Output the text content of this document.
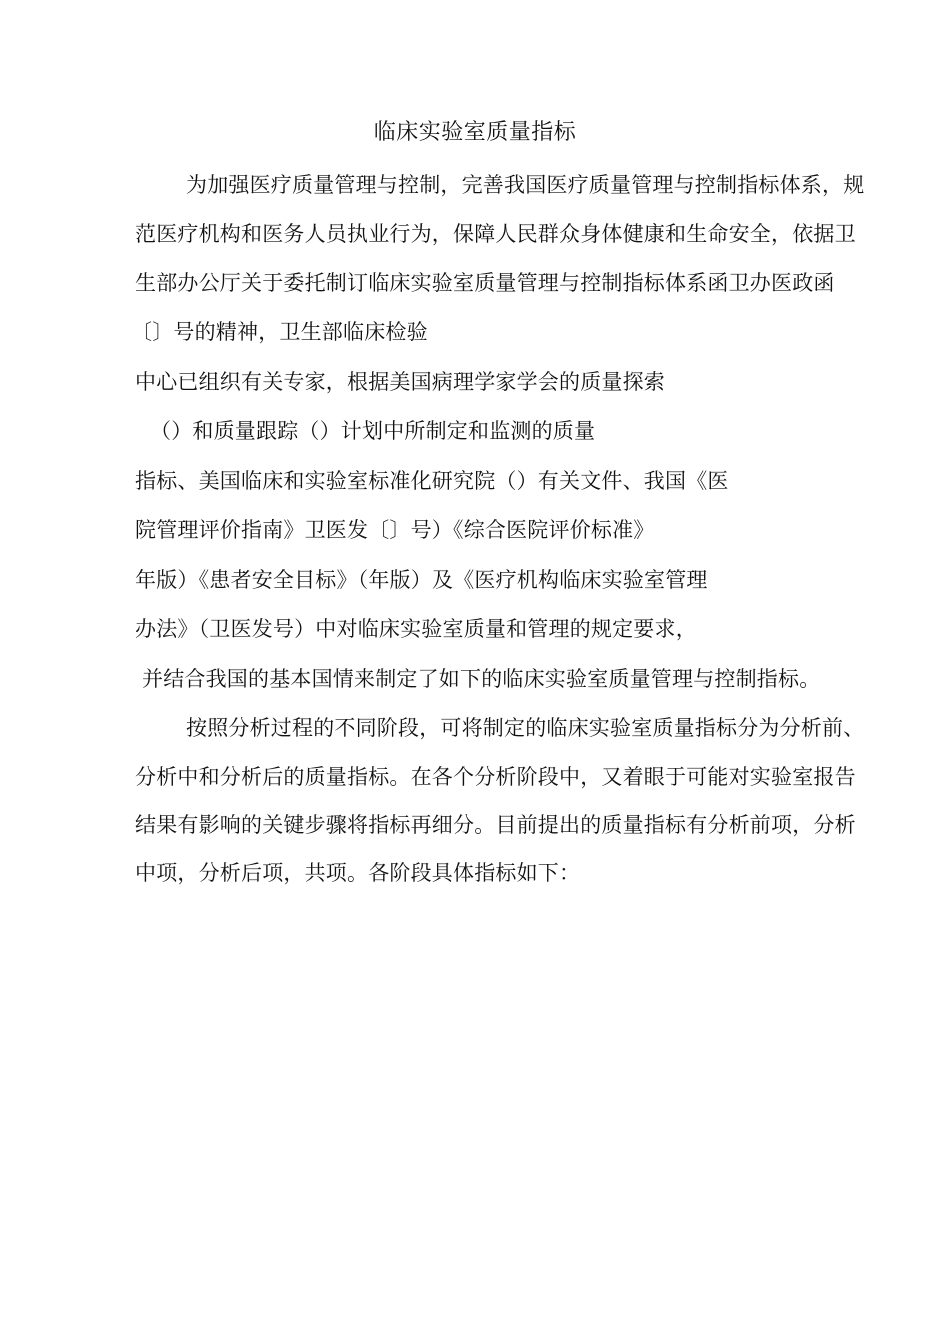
临床实验室质量指标
为加强医疗质量管理与控制，完善我国医疗质量管理与控制指标体系，规
范医疗机构和医务人员执业行为，保障人民群众身体健康和生命安全，依据卫
生部办公厅关于委托制订临床实验室质量管理与控制指标体系函卫办医政函
〔〕号的精神，卫生部临床检验
中心已组织有关专家，根据美国病理学家学会的质量探索
（）和质量跟踪（）计划中所制定和监测的质量
指标、美国临床和实验室标准化研究院（）有关文件、我国《医
院管理评价指南》卫医发〔〕号）《综合医院评价标准》
年版）《患者安全目标》（年版）及《医疗机构临床实验室管理
办法》（卫医发号）中对临床实验室质量和管理的规定要求，
并结合我国的基本国情来制定了如下的临床实验室质量管理与控制指标。
按照分析过程的不同阶段，可将制定的临床实验室质量指标分为分析前、
分析中和分析后的质量指标。在各个分析阶段中，又着眼于可能对实验室报告
结果有影响的关键步骤将指标再细分。目前提出的质量指标有分析前项，分析
中项，分析后项，共项。各阶段具体指标如下：
